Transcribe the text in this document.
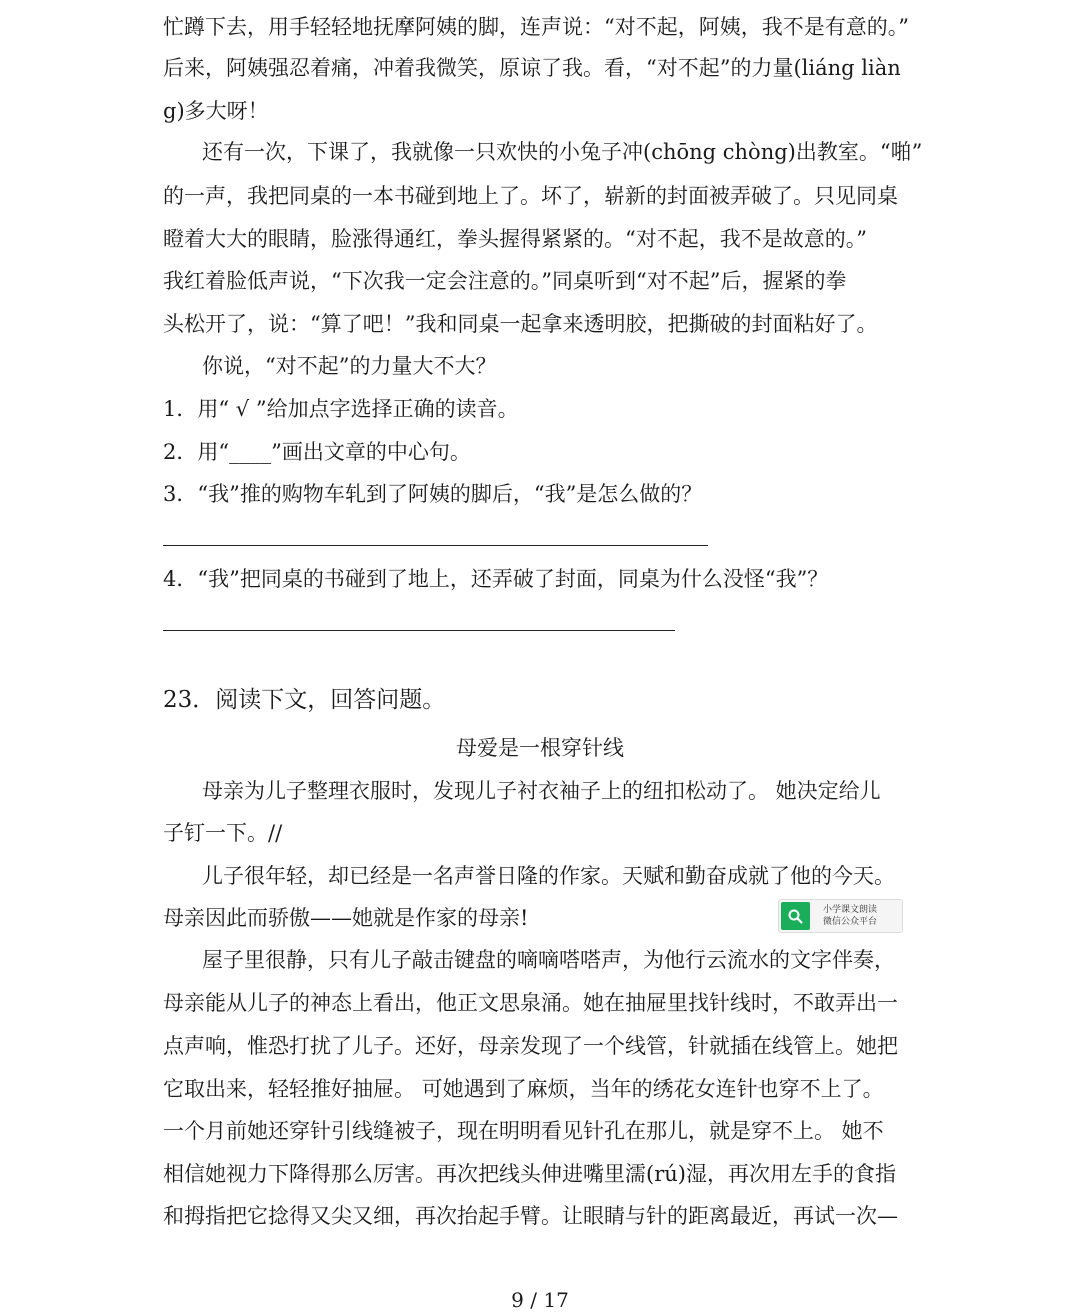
忙蹲下去，用手轻轻地抚摩阿姨的脚，连声说：“对不起，阿姨，我不是有意的。”
后来，阿姨强忍着痛，冲着我微笑，原谅了我。看，“对不起”的力量(liáng liàn
g)多大呀！
还有一次，下课了，我就像一只欢快的小兔子冲(chōng chòng)出教室。“啪”
的一声，我把同桌的一本书碰到地上了。坏了，崭新的封面被弄破了。只见同桌
瞪着大大的眼睛，脸涨得通红，拳头握得紧紧的。“对不起，我不是故意的。”
我红着脸低声说，“下次我一定会注意的。”同桌听到“对不起”后，握紧的拳
头松开了，说：“算了吧！”我和同桌一起拿来透明胶，把撕破的封面粘好了。
你说，“对不起”的力量大不大？
1．用“ √ ”给加点字选择正确的读音。
2．用“____”画出文章的中心句。
3．“我”推的购物车轧到了阿姨的脚后，“我”是怎么做的？
4．“我”把同桌的书碰到了地上，还弄破了封面，同桌为什么没怪“我”？
23．阅读下文，回答问题。
母爱是一根穿针线
母亲为儿子整理衣服时，发现儿子衬衣袖子上的纽扣松动了。 她决定给儿
子钉一下。//
儿子很年轻，却已经是一名声誉日隆的作家。天赋和勤奋成就了他的今天。
母亲因此而骄傲——她就是作家的母亲!
屋子里很静，只有儿子敲击键盘的嘀嘀嗒嗒声，为他行云流水的文字伴奏，
母亲能从儿子的神态上看出，他正文思泉涌。她在抽屉里找针线时，不敢弄出一
点声响，惟恐打扰了儿子。还好，母亲发现了一个线管，针就插在线管上。她把
它取出来，轻轻推好抽屉。 可她遇到了麻烦，当年的绣花女连针也穿不上了。
一个月前她还穿针引线缝被子，现在明明看见针孔在那儿，就是穿不上。 她不
相信她视力下降得那么厉害。再次把线头伸进嘴里濡(rú)湿，再次用左手的食指
和拇指把它捻得又尖又细，再次抬起手臂。让眼睛与针的距离最近，再试一次—
小学课文朗读
微信公众平台
9 / 17
